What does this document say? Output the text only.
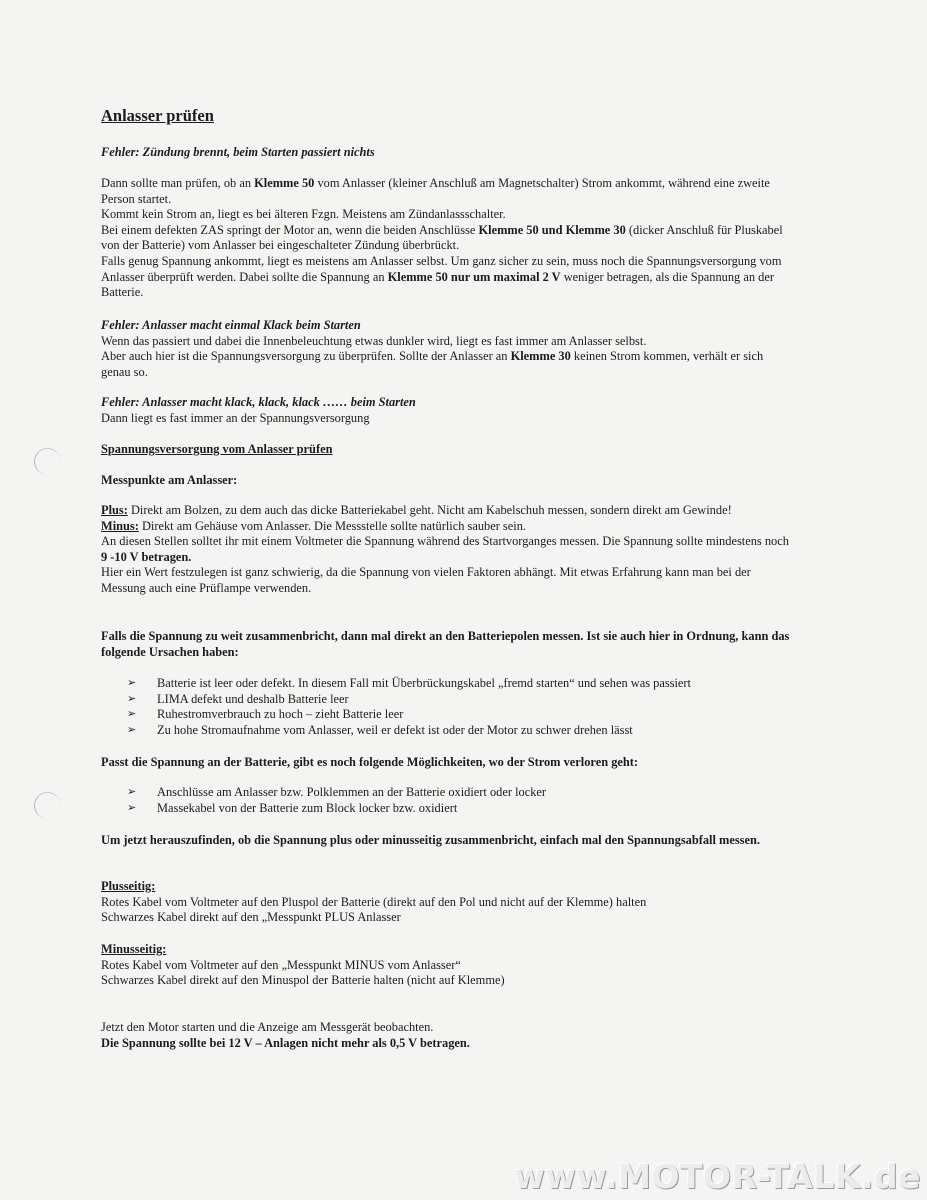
Anlasser prüfen

Fehler: Zündung brennt, beim Starten passiert nichts

Dann sollte man prüfen, ob an Klemme 50 vom Anlasser (kleiner Anschluß am Magnetschalter) Strom ankommt, während eine zweite Person startet.

Kommt kein Strom an, liegt es bei älteren Fzgn. Meistens am Zündanlassschalter.

Bei einem defekten ZAS springt der Motor an, wenn die beiden Anschlüsse Klemme 50 und Klemme 30 (dicker Anschluß für Pluskabel von der Batterie) vom Anlasser bei eingeschalteter Zündung überbrückt.

Falls genug Spannung ankommt, liegt es meistens am Anlasser selbst. Um ganz sicher zu sein, muss noch die Spannungsversorgung vom Anlasser überprüft werden. Dabei sollte die Spannung an Klemme 50 nur um maximal 2 V weniger betragen, als die Spannung an der Batterie.

Fehler: Anlasser macht einmal Klack beim Starten

Wenn das passiert und dabei die Innenbeleuchtung etwas dunkler wird, liegt es fast immer am Anlasser selbst.

Aber auch hier ist die Spannungsversorgung zu überprüfen. Sollte der Anlasser an Klemme 30 keinen Strom kommen, verhält er sich genau so.

Fehler: Anlasser macht klack, klack, klack …… beim Starten

Dann liegt es fast immer an der Spannungsversorgung

Spannungsversorgung vom Anlasser prüfen

Messpunkte am Anlasser:

Plus: Direkt am Bolzen, zu dem auch das dicke Batteriekabel geht. Nicht am Kabelschuh messen, sondern direkt am Gewinde!

Minus: Direkt am Gehäuse vom Anlasser. Die Messstelle sollte natürlich sauber sein.

An diesen Stellen solltet ihr mit einem Voltmeter die Spannung während des Startvorganges messen. Die Spannung sollte mindestens noch 9 -10 V betragen.

Hier ein Wert festzulegen ist ganz schwierig, da die Spannung von vielen Faktoren abhängt. Mit etwas Erfahrung kann man bei der Messung auch eine Prüflampe verwenden.

Falls die Spannung zu weit zusammenbricht, dann mal direkt an den Batteriepolen messen. Ist sie auch hier in Ordnung, kann das folgende Ursachen haben:

➢ Batterie ist leer oder defekt. In diesem Fall mit Überbrückungskabel „fremd starten“ und sehen was passiert
➢ LIMA defekt und deshalb Batterie leer
➢ Ruhestromverbrauch zu hoch – zieht Batterie leer
➢ Zu hohe Stromaufnahme vom Anlasser, weil er defekt ist oder der Motor zu schwer drehen lässt

Passt die Spannung an der Batterie, gibt es noch folgende Möglichkeiten, wo der Strom verloren geht:

➢ Anschlüsse am Anlasser bzw. Polklemmen an der Batterie oxidiert oder locker
➢ Massekabel von der Batterie zum Block locker bzw. oxidiert

Um jetzt herauszufinden, ob die Spannung plus oder minusseitig zusammenbricht, einfach mal den Spannungsabfall messen.

Plusseitig:

Rotes Kabel vom Voltmeter auf den Pluspol der Batterie (direkt auf den Pol und nicht auf der Klemme) halten

Schwarzes Kabel direkt auf den „Messpunkt PLUS Anlasser

Minusseitig:

Rotes Kabel vom Voltmeter auf den „Messpunkt MINUS vom Anlasser“

Schwarzes Kabel direkt auf den Minuspol der Batterie halten (nicht auf Klemme)

Jetzt den Motor starten und die Anzeige am Messgerät beobachten.

Die Spannung sollte bei 12 V – Anlagen nicht mehr als 0,5 V betragen.

www.MOTOR-TALK.de
